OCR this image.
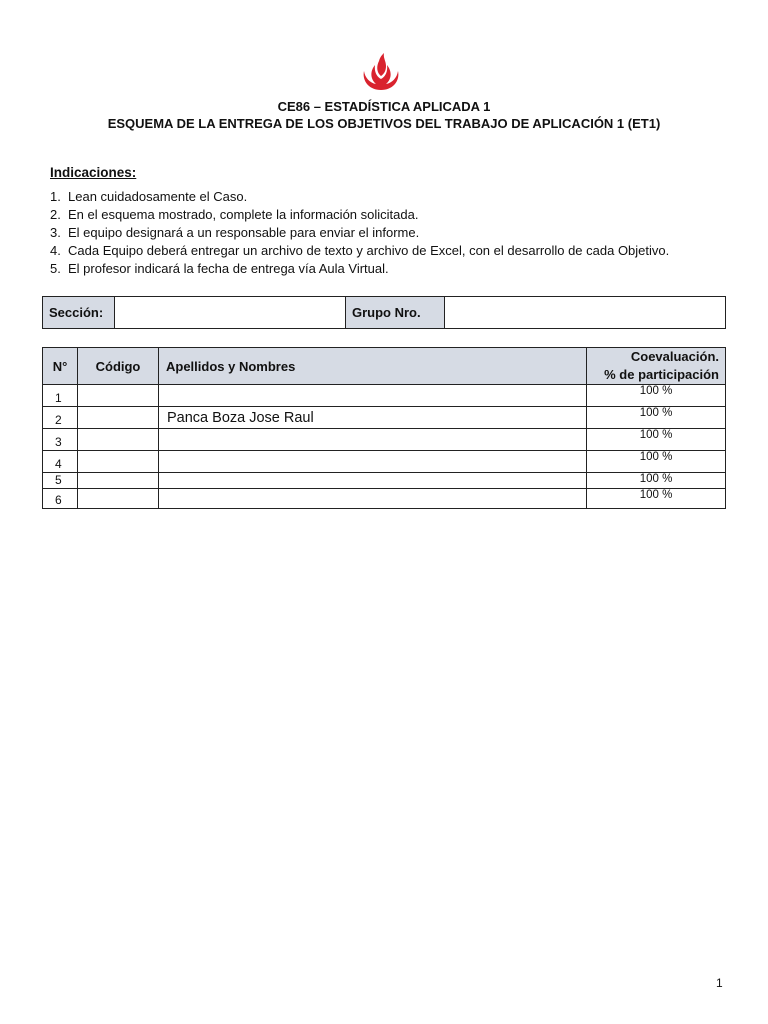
CE86 – ESTADÍSTICA APLICADA 1
ESQUEMA DE LA ENTREGA DE LOS OBJETIVOS DEL TRABAJO DE APLICACIÓN 1 (ET1)
Indicaciones:
1. Lean cuidadosamente el Caso.
2. En el esquema mostrado, complete la información solicitada.
3. El equipo designará a un responsable para enviar el informe.
4. Cada Equipo deberá entregar un archivo de texto y archivo de Excel, con el desarrollo de cada Objetivo.
5. El profesor indicará la fecha de entrega vía Aula Virtual.
Sección:		Grupo Nro.	
N°	Código	Apellidos y Nombres	Coevaluación.
% de participación

1			100 %
2		Panca Boza Jose Raul	100 %
3			100 %
4			100 %
5			100 %
6			100 %
1
